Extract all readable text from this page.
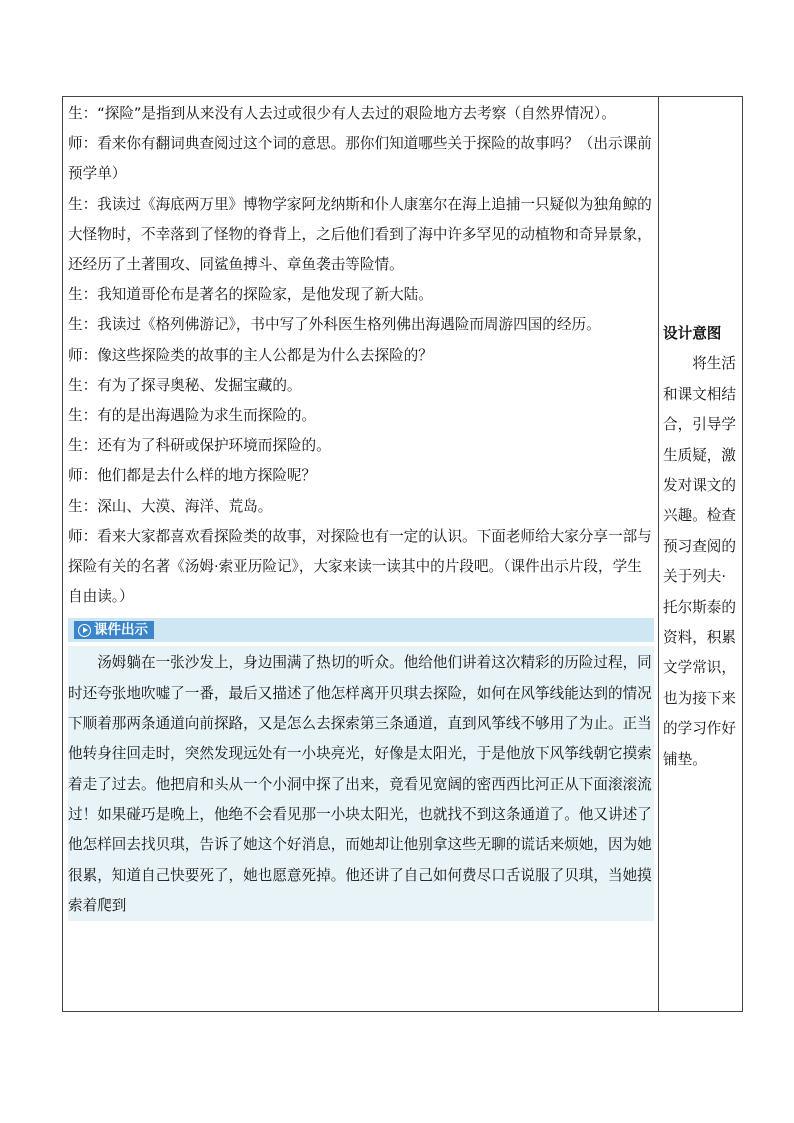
生：“探险”是指到从来没有人去过或很少有人去过的艰险地方去考察（自然界情况）。

师：看来你有翻词典查阅过这个词的意思。那你们知道哪些关于探险的故事吗？（出示课前预学单）

生：我读过《海底两万里》博物学家阿龙纳斯和仆人康塞尔在海上追捕一只疑似为独角鲸的大怪物时，不幸落到了怪物的脊背上，之后他们看到了海中许多罕见的动植物和奇异景象，还经历了土著围攻、同鲨鱼搏斗、章鱼袭击等险情。

生：我知道哥伦布是著名的探险家，是他发现了新大陆。

生：我读过《格列佛游记》，书中写了外科医生格列佛出海遇险而周游四国的经历。

师：像这些探险类的故事的主人公都是为什么去探险的？

生：有为了探寻奥秘、发掘宝藏的。

生：有的是出海遇险为求生而探险的。

生：还有为了科研或保护环境而探险的。

师：他们都是去什么样的地方探险呢？

生：深山、大漠、海洋、荒岛。

师：看来大家都喜欢看探险类的故事，对探险也有一定的认识。下面老师给大家分享一部与探险有关的名著《汤姆·索亚历险记》，大家来读一读其中的片段吧。（课件出示片段，学生自由读。）

课件出示
汤姆躺在一张沙发上，身边围满了热切的听众。他给他们讲着这次精彩的历险过程，同时还夸张地吹嘘了一番，最后又描述了他怎样离开贝琪去探险，如何在风筝线能达到的情况下顺着那两条通道向前探路，又是怎么去探索第三条通道，直到风筝线不够用了为止。正当他转身往回走时，突然发现远处有一小块亮光，好像是太阳光，于是他放下风筝线朝它摸索着走了过去。他把肩和头从一个小洞中探了出来，竟看见宽阔的密西西比河正从下面滚滚流过！如果碰巧是晚上，他绝不会看见那一小块太阳光，也就找不到这条通道了。他又讲述了他怎样回去找贝琪，告诉了她这个好消息，而她却让他别拿这些无聊的谎话来烦她，因为她很累，知道自己快要死了，她也愿意死掉。他还讲了自己如何费尽口舌说服了贝琪，当她摸索着爬到

设计意图

将生活和课文相结合，引导学生质疑，激发对课文的兴趣。检查预习查阅的关于列夫·托尔斯泰的资料，积累文学常识，也为接下来的学习作好铺垫。
